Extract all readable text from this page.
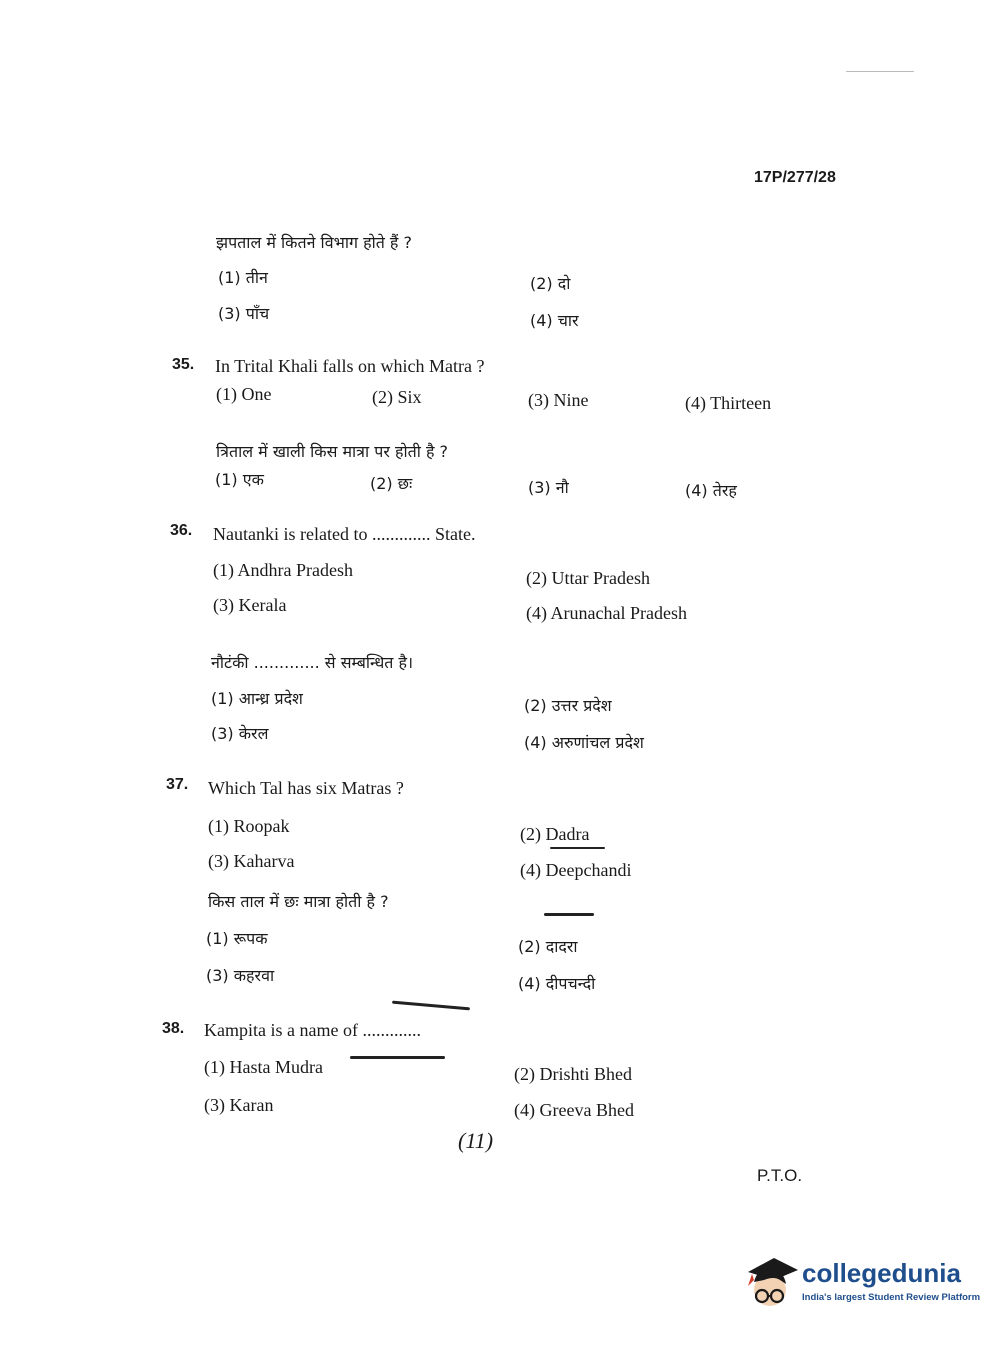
17P/277/28
झपताल में कितने विभाग होते हैं ?
(1) तीन	(2) दो
(3) पाँच	(4) चार
35. In Trital Khali falls on which Matra ?
(1) One	(2) Six	(3) Nine	(4) Thirteen
त्रिताल में खाली किस मात्रा पर होती है ?
(1) एक	(2) छः	(3) नौ	(4) तेरह
36. Nautanki is related to ............. State.
(1) Andhra Pradesh	(2) Uttar Pradesh
(3) Kerala	(4) Arunachal Pradesh
नौटंकी ............. से सम्बन्धित है।
(1) आन्ध्र प्रदेश	(2) उत्तर प्रदेश
(3) केरल	(4) अरुणांचल प्रदेश
37. Which Tal has six Matras ?
(1) Roopak	(2) Dadra
(3) Kaharva	(4) Deepchandi
किस ताल में छः मात्रा होती है ?
(1) रूपक	(2) दादरा
(3) कहरवा	(4) दीपचन्दी
38. Kampita is a name of .............
(1) Hasta Mudra	(2) Drishti Bhed
(3) Karan	(4) Greeva Bhed
(11)
P.T.O.
collegedunia
India's largest Student Review Platform
